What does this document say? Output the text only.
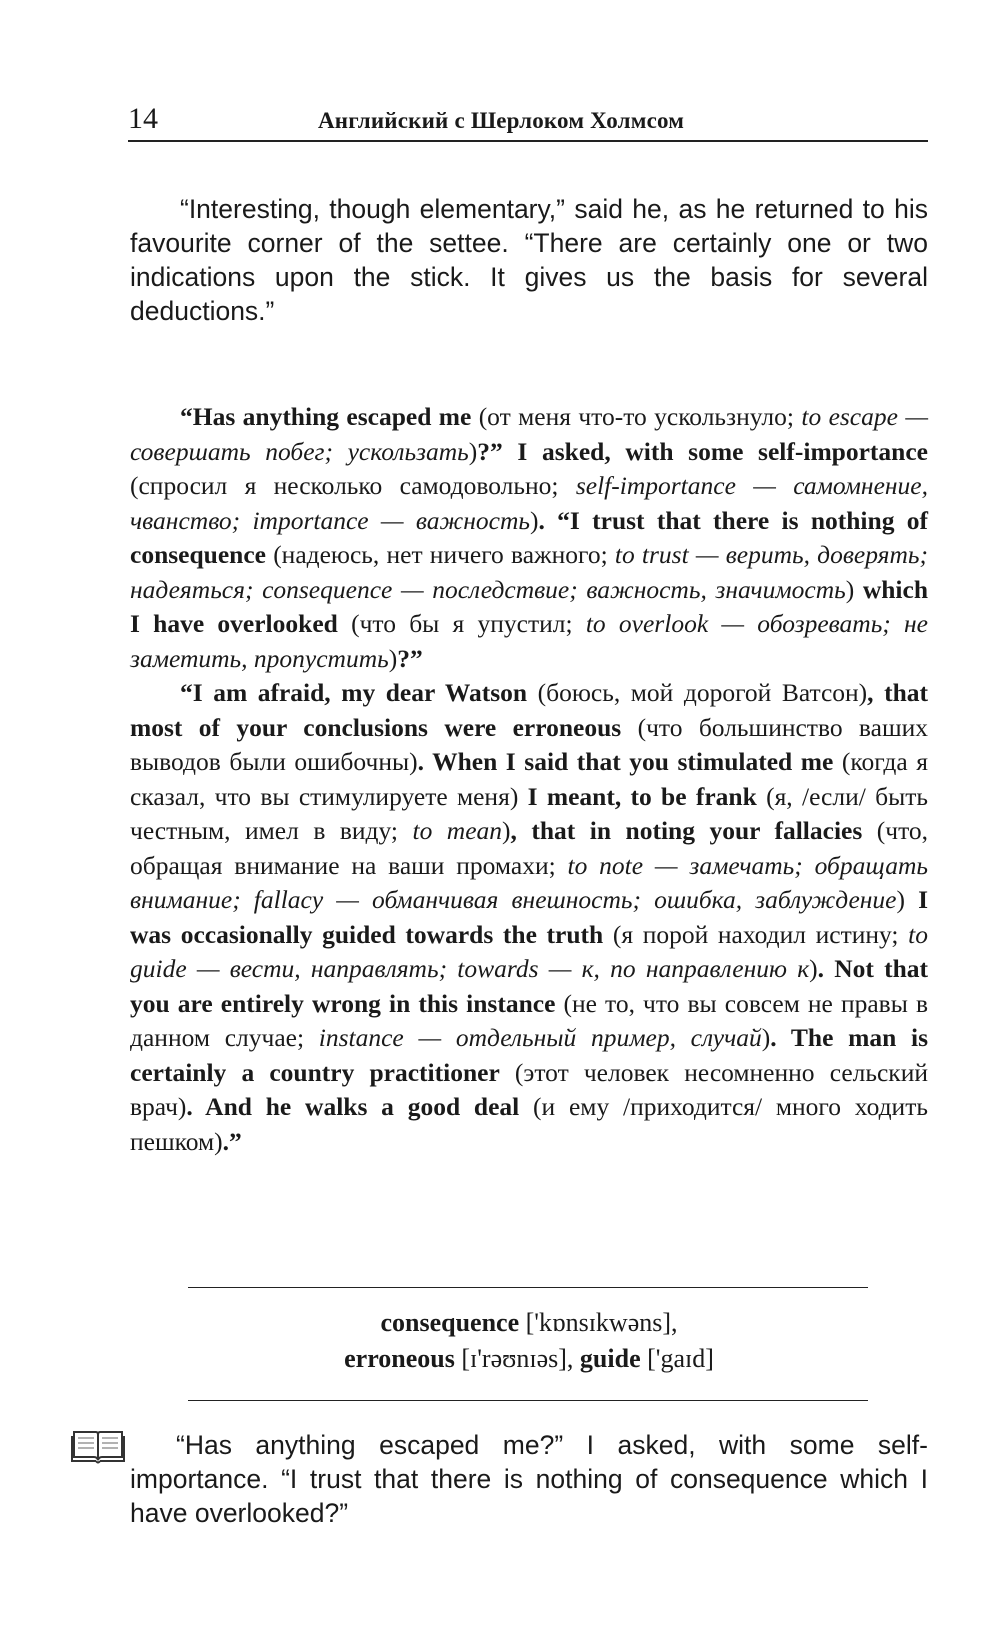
14	Английский с Шерлоком Холмсом

“Interesting, though elementary,” said he, as he returned to his favourite corner of the settee. “There are certainly one or two indications upon the stick. It gives us the basis for several deductions.”

“Has anything escaped me (от меня что-то ускользнуло; to escape — совершать побег; ускользать)?” I asked, with some self-importance (спросил я несколько самодовольно; self-importance — самомнение, чванство; importance — важность). “I trust that there is nothing of consequence (надеюсь, нет ничего важного; to trust — верить, доверять; надеяться; consequence — последствие; важность, значимость) which I have overlooked (что бы я упустил; to overlook — обозревать; не заметить, пропустить)?”

“I am afraid, my dear Watson (боюсь, мой дорогой Ватсон), that most of your conclusions were erroneous (что большинство ваших выводов были ошибочны). When I said that you stimulated me (когда я сказал, что вы стимулируете меня) I meant, to be frank (я, /если/ быть честным, имел в виду; to mean), that in noting your fallacies (что, обращая внимание на ваши промахи; to note — замечать; обращать внимание; fallacy — обманчивая внешность; ошибка, заблуждение) I was occasionally guided towards the truth (я порой находил истину; to guide — вести, направлять; towards — к, по направлению к). Not that you are entirely wrong in this instance (не то, что вы совсем не правы в данном случае; instance — отдельный пример, случай). The man is certainly a country practitioner (этот человек несомненно сельский врач). And he walks a good deal (и ему /приходится/ много ходить пешком).”

consequence ['kɒnsɪkwəns],
erroneous [ɪ'rəʊnɪəs], guide ['gaɪd]

“Has anything escaped me?” I asked, with some self-importance. “I trust that there is nothing of consequence which I have overlooked?”
